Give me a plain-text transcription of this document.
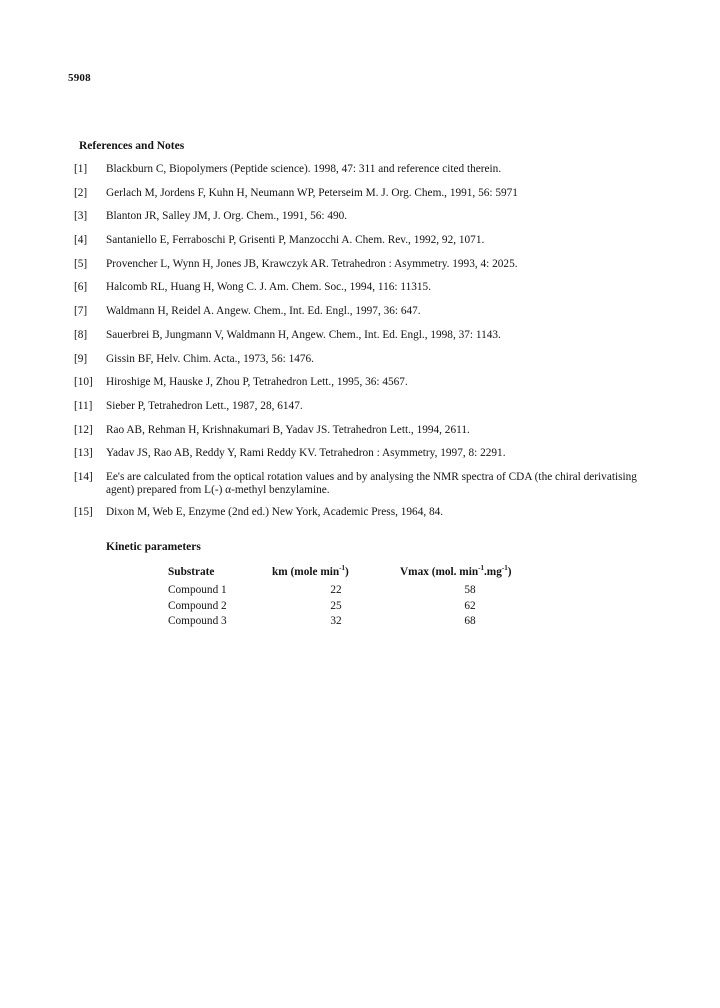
5908
References and Notes
[1]	Blackburn C, Biopolymers (Peptide science). 1998, 47: 311 and reference cited therein.
[2]	Gerlach M, Jordens F, Kuhn H, Neumann WP, Peterseim M. J. Org. Chem., 1991, 56: 5971
[3]	Blanton JR, Salley JM, J. Org. Chem., 1991, 56: 490.
[4]	Santaniello E, Ferraboschi P, Grisenti P, Manzocchi A. Chem. Rev., 1992, 92, 1071.
[5]	Provencher L, Wynn H, Jones JB, Krawczyk AR. Tetrahedron : Asymmetry. 1993, 4: 2025.
[6]	Halcomb RL, Huang H, Wong C. J. Am. Chem. Soc., 1994, 116: 11315.
[7]	Waldmann H, Reidel A. Angew. Chem., Int. Ed. Engl., 1997, 36: 647.
[8]	Sauerbrei B, Jungmann V, Waldmann H, Angew. Chem., Int. Ed. Engl., 1998, 37: 1143.
[9]	Gissin BF, Helv. Chim. Acta., 1973, 56: 1476.
[10]	Hiroshige M, Hauske J, Zhou P, Tetrahedron Lett., 1995, 36: 4567.
[11]	Sieber P, Tetrahedron Lett., 1987, 28, 6147.
[12]	Rao AB, Rehman H, Krishnakumari B, Yadav JS. Tetrahedron Lett., 1994, 2611.
[13]	Yadav JS, Rao AB, Reddy Y, Rami Reddy KV. Tetrahedron : Asymmetry, 1997, 8: 2291.
[14]	Ee's are calculated from the optical rotation values and by analysing the NMR spectra of CDA (the chiral derivatising agent) prepared from L(-) α-methyl benzylamine.
[15]	Dixon M, Web E, Enzyme (2nd ed.) New York, Academic Press, 1964, 84.
Kinetic parameters
Substrate	km (mole $\min^{-1}$)	Vmax (mol. $\min^{-1}.mg^{-1}$)
Compound 1	22	58
Compound 2	25	62
Compound 3	32	68
